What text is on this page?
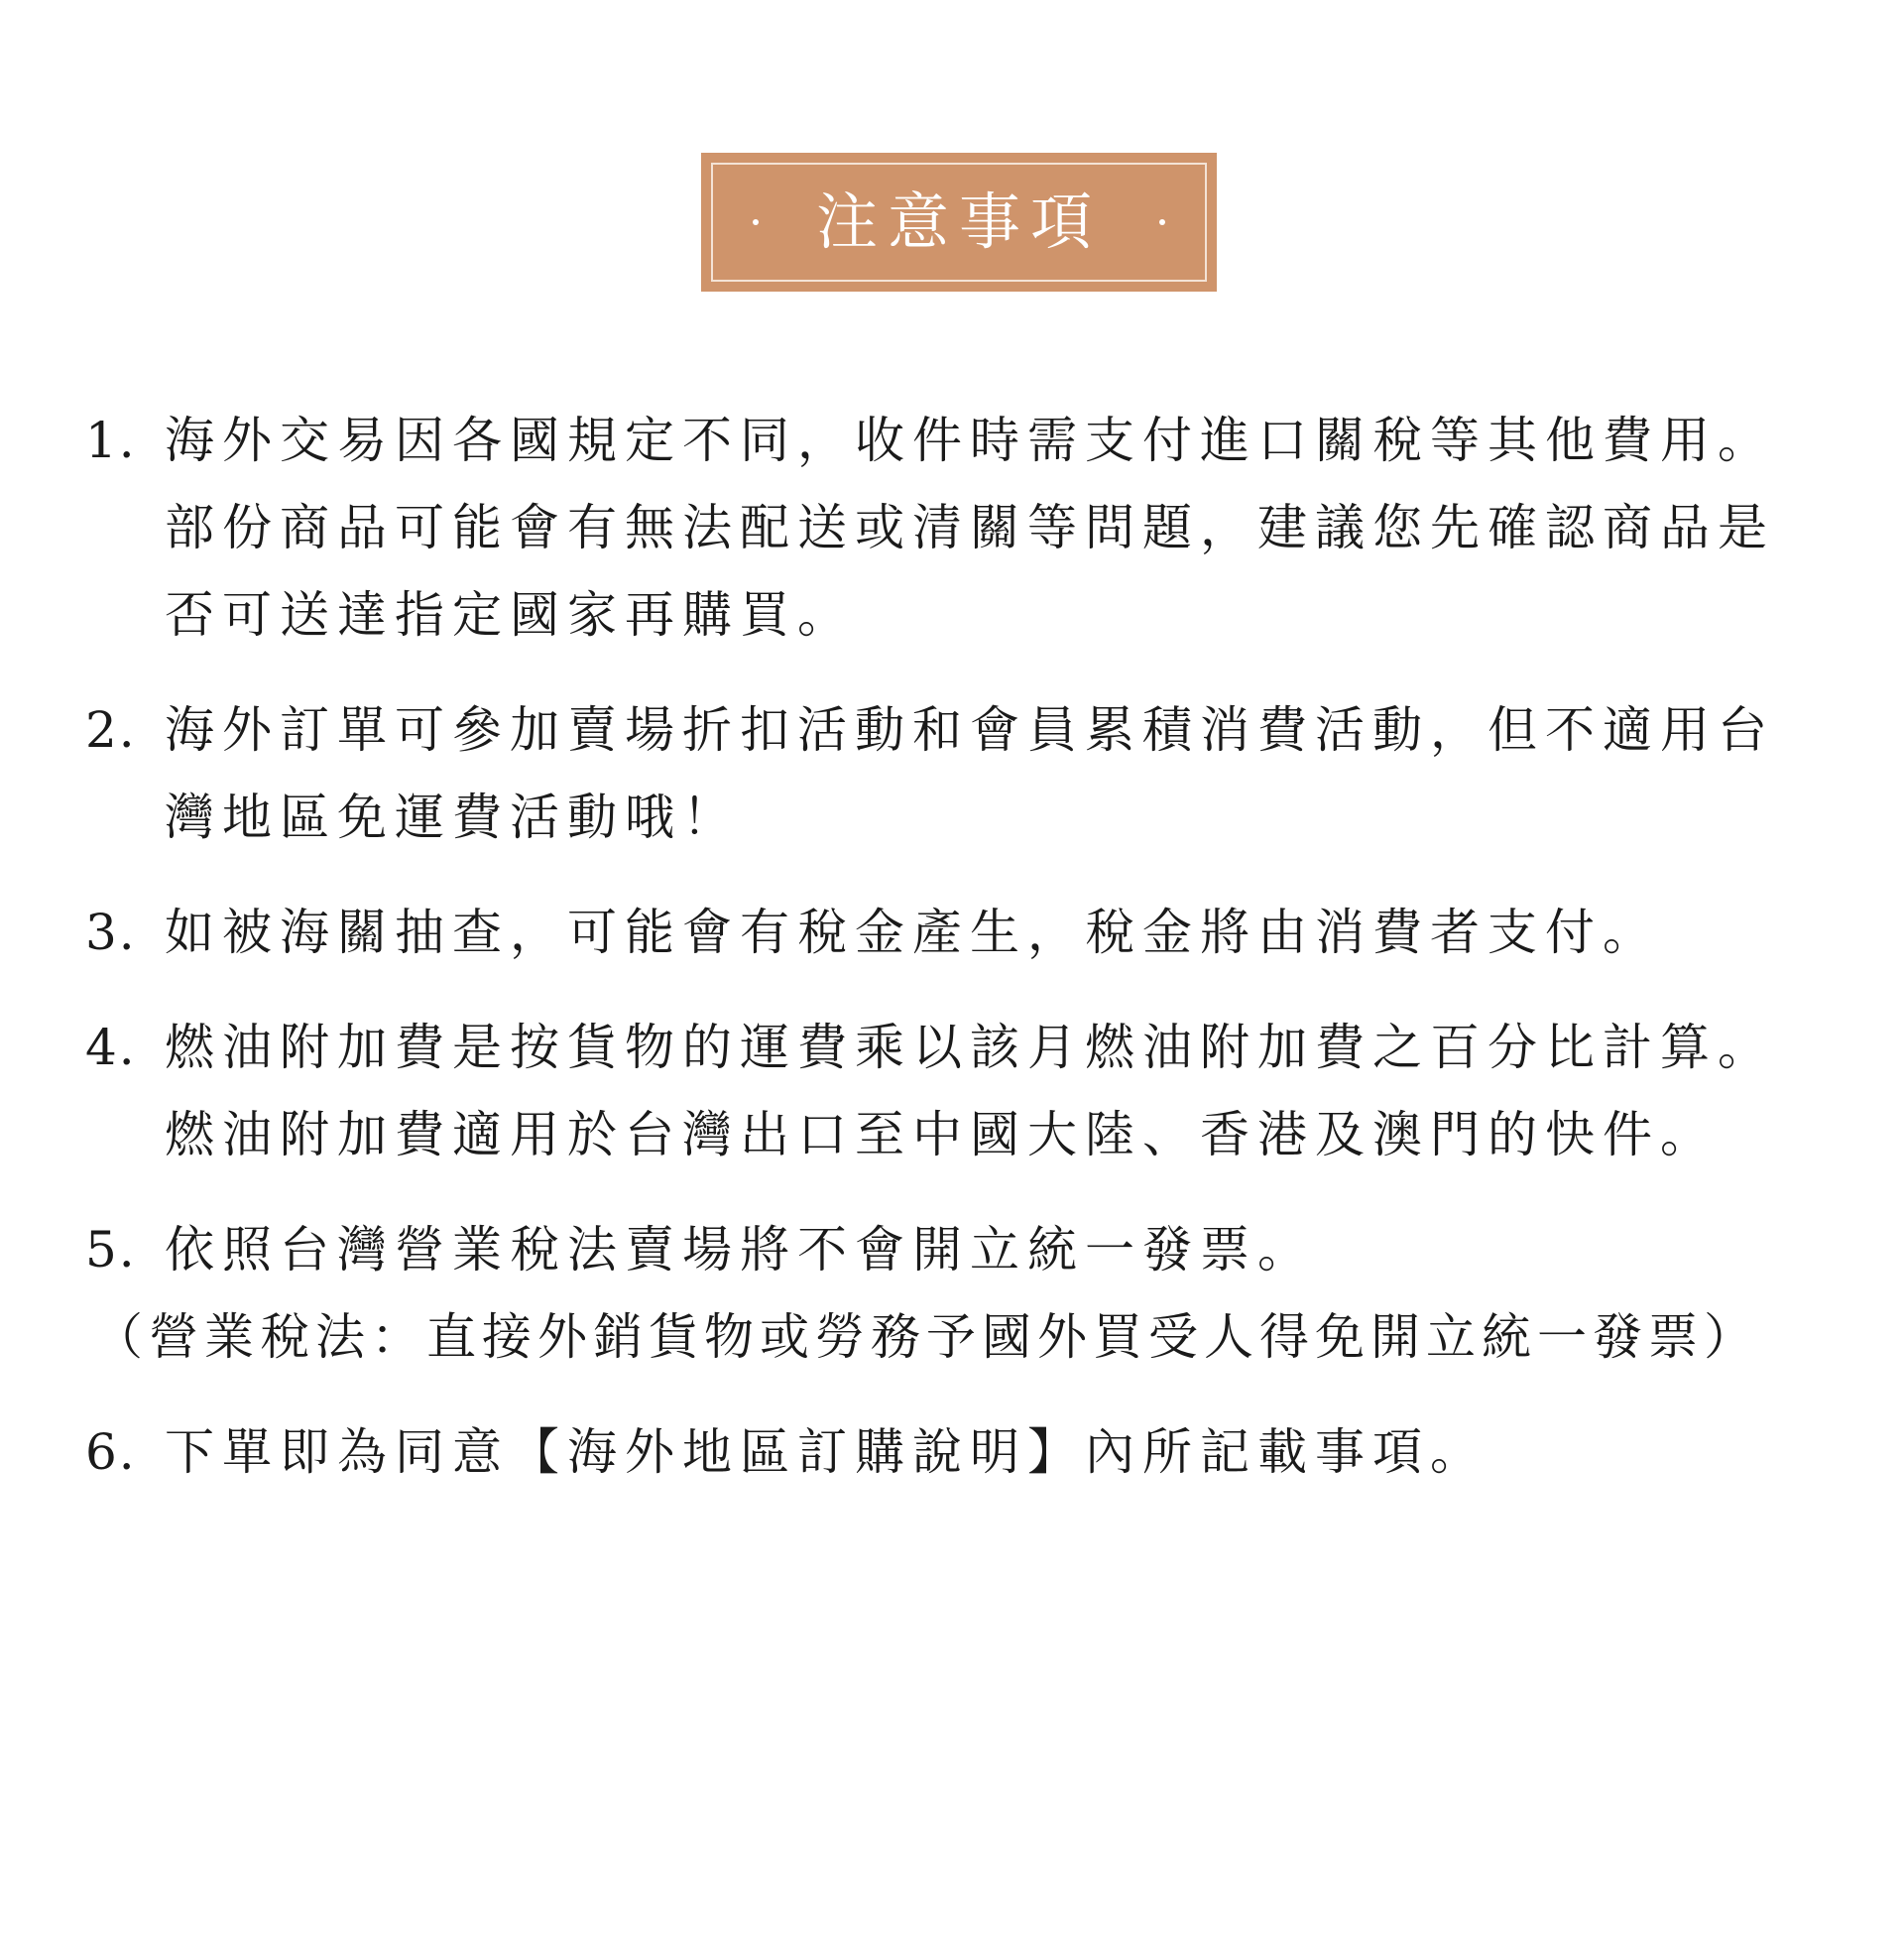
注意事項
1. 海外交易因各國規定不同，收件時需支付進口關稅等其他費用。
部份商品可能會有無法配送或清關等問題，建議您先確認商品是
否可送達指定國家再購買。
2. 海外訂單可參加賣場折扣活動和會員累積消費活動，但不適用台
灣地區免運費活動哦！
3. 如被海關抽查，可能會有稅金產生，稅金將由消費者支付。
4. 燃油附加費是按貨物的運費乘以該月燃油附加費之百分比計算。
燃油附加費適用於台灣出口至中國大陸、香港及澳門的快件。
5. 依照台灣營業稅法賣場將不會開立統一發票。
（營業稅法：直接外銷貨物或勞務予國外買受人得免開立統一發票）
6. 下單即為同意【海外地區訂購說明】內所記載事項。
